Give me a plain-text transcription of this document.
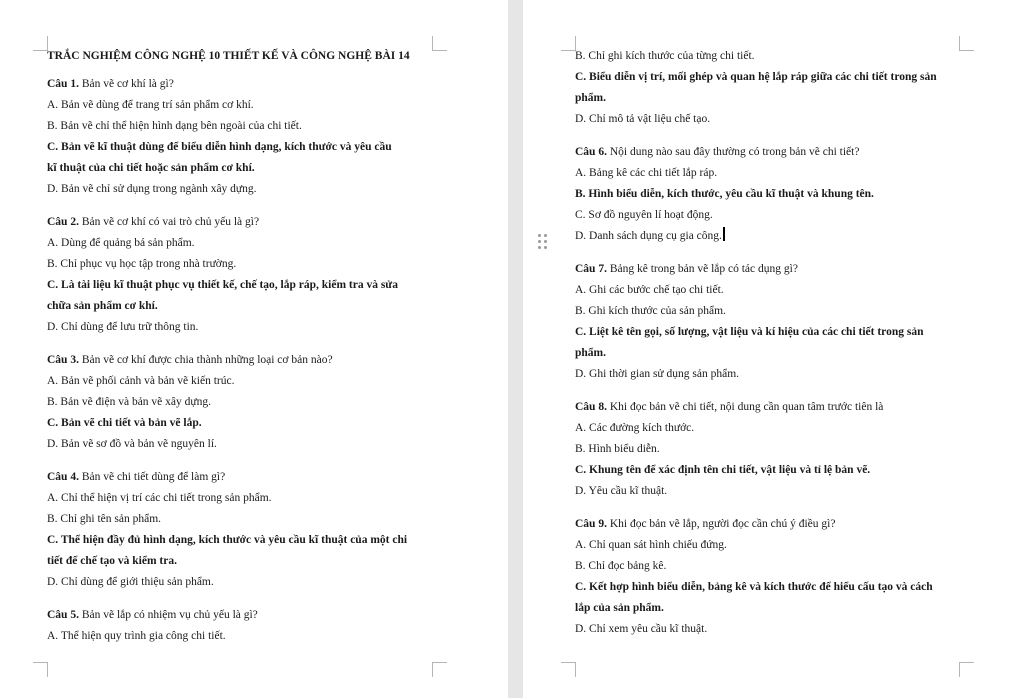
TRẮC NGHIỆM CÔNG NGHỆ 10 THIẾT KẾ VÀ CÔNG NGHỆ BÀI 14

Câu 1. Bản vẽ cơ khí là gì?

A. Bản vẽ dùng để trang trí sản phẩm cơ khí.

B. Bản vẽ chỉ thể hiện hình dạng bên ngoài của chi tiết.

C. Bản vẽ kĩ thuật dùng để biểu diễn hình dạng, kích thước và yêu cầu

kĩ thuật của chi tiết hoặc sản phẩm cơ khí.

D. Bản vẽ chỉ sử dụng trong ngành xây dựng.

Câu 2. Bản vẽ cơ khí có vai trò chủ yếu là gì?

A. Dùng để quảng bá sản phẩm.

B. Chỉ phục vụ học tập trong nhà trường.

C. Là tài liệu kĩ thuật phục vụ thiết kế, chế tạo, lắp ráp, kiểm tra và sửa

chữa sản phẩm cơ khí.

D. Chỉ dùng để lưu trữ thông tin.

Câu 3. Bản vẽ cơ khí được chia thành những loại cơ bản nào?

A. Bản vẽ phối cảnh và bản vẽ kiến trúc.

B. Bản vẽ điện và bản vẽ xây dựng.

C. Bản vẽ chi tiết và bản vẽ lắp.

D. Bản vẽ sơ đồ và bản vẽ nguyên lí.

Câu 4. Bản vẽ chi tiết dùng để làm gì?

A. Chỉ thể hiện vị trí các chi tiết trong sản phẩm.

B. Chỉ ghi tên sản phẩm.

C. Thể hiện đầy đủ hình dạng, kích thước và yêu cầu kĩ thuật của một chi

tiết để chế tạo và kiểm tra.

D. Chỉ dùng để giới thiệu sản phẩm.

Câu 5. Bản vẽ lắp có nhiệm vụ chủ yếu là gì?

A. Thể hiện quy trình gia công chi tiết.

B. Chỉ ghi kích thước của từng chi tiết.

C. Biểu diễn vị trí, mối ghép và quan hệ lắp ráp giữa các chi tiết trong sản

phẩm.

D. Chỉ mô tả vật liệu chế tạo.

Câu 6. Nội dung nào sau đây thường có trong bản vẽ chi tiết?

A. Bảng kê các chi tiết lắp ráp.

B. Hình biểu diễn, kích thước, yêu cầu kĩ thuật và khung tên.

C. Sơ đồ nguyên lí hoạt động.

D. Danh sách dụng cụ gia công.

Câu 7. Bảng kê trong bản vẽ lắp có tác dụng gì?

A. Ghi các bước chế tạo chi tiết.

B. Ghi kích thước của sản phẩm.

C. Liệt kê tên gọi, số lượng, vật liệu và kí hiệu của các chi tiết trong sản

phẩm.

D. Ghi thời gian sử dụng sản phẩm.

Câu 8. Khi đọc bản vẽ chi tiết, nội dung cần quan tâm trước tiên là

A. Các đường kích thước.

B. Hình biểu diễn.

C. Khung tên để xác định tên chi tiết, vật liệu và tỉ lệ bản vẽ.

D. Yêu cầu kĩ thuật.

Câu 9. Khi đọc bản vẽ lắp, người đọc cần chú ý điều gì?

A. Chỉ quan sát hình chiếu đứng.

B. Chỉ đọc bảng kê.

C. Kết hợp hình biểu diễn, bảng kê và kích thước để hiểu cấu tạo và cách

lắp của sản phẩm.

D. Chỉ xem yêu cầu kĩ thuật.
